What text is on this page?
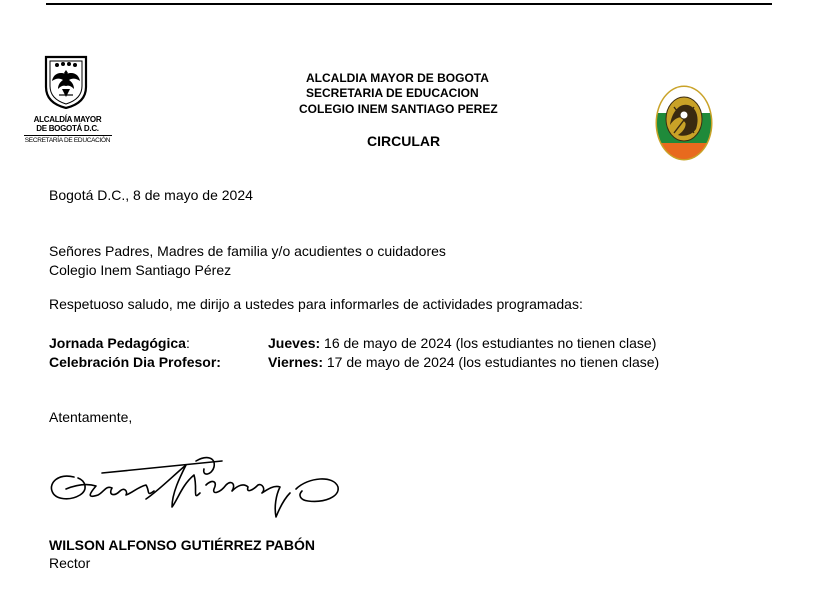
ALCALDÍA MAYOR
DE BOGOTÁ D.C.
SECRETARÍA DE EDUCACIÓN
ALCALDIA MAYOR DE BOGOTA
SECRETARIA DE EDUCACION
COLEGIO INEM SANTIAGO PEREZ
CIRCULAR
Bogotá D.C., 8 de mayo de 2024
Señores Padres, Madres de familia y/o acudientes o cuidadores
Colegio Inem Santiago Pérez
Respetuoso saludo, me dirijo a ustedes para informarles de actividades programadas:
Jornada Pedagógica:	Jueves: 16 de mayo de 2024 (los estudiantes no tienen clase)
Celebración Dia Profesor:	Viernes: 17 de mayo de 2024 (los estudiantes no tienen clase)
Atentamente,
WILSON ALFONSO GUTIÉRREZ PABÓN
Rector
